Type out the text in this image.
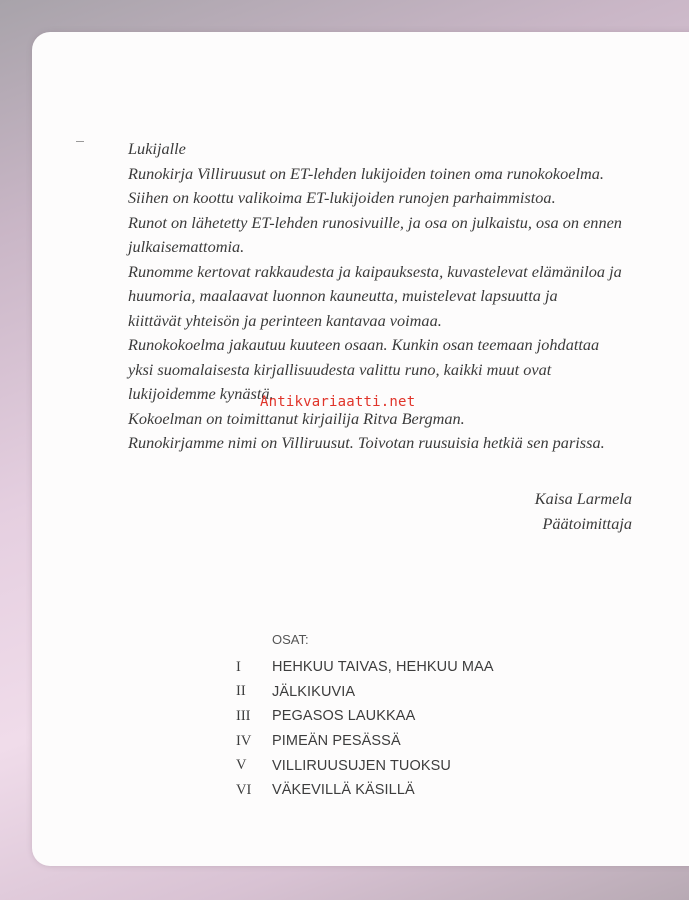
Lukijalle

Runokirja Villiruusut on ET-lehden lukijoiden toinen oma runokokoelma.

Siihen on koottu valikoima ET-lukijoiden runojen parhaimmistoa.

Runot on lähetetty ET-lehden runosivuille, ja osa on julkaistu, osa on ennen

julkaisemattomia.

Runomme kertovat rakkaudesta ja kaipauksesta, kuvastelevat elämäniloa ja

huumoria, maalaavat luonnon kauneutta, muistelevat lapsuutta ja

kiittävät yhteisön ja perinteen kantavaa voimaa.

Runokokoelma jakautuu kuuteen osaan. Kunkin osan teemaan johdattaa

yksi suomalaisesta kirjallisuudesta valittu runo, kaikki muut ovat

lukijoidemme kynästä.

Kokoelman on toimittanut kirjailija Ritva Bergman.

Runokirjamme nimi on Villiruusut. Toivotan ruusuisia hetkiä sen parissa.

Antikvariaatti.net
Kaisa Larmela
Päätoimittaja
OSAT:
I	HEHKUU TAIVAS, HEHKUU MAA
II	JÄLKIKUVIA
III	PEGASOS LAUKKAA
IV	PIMEÄN PESÄSSÄ
V	VILLIRUUSUJEN TUOKSU
VI	VÄKEVILLÄ KÄSILLÄ
